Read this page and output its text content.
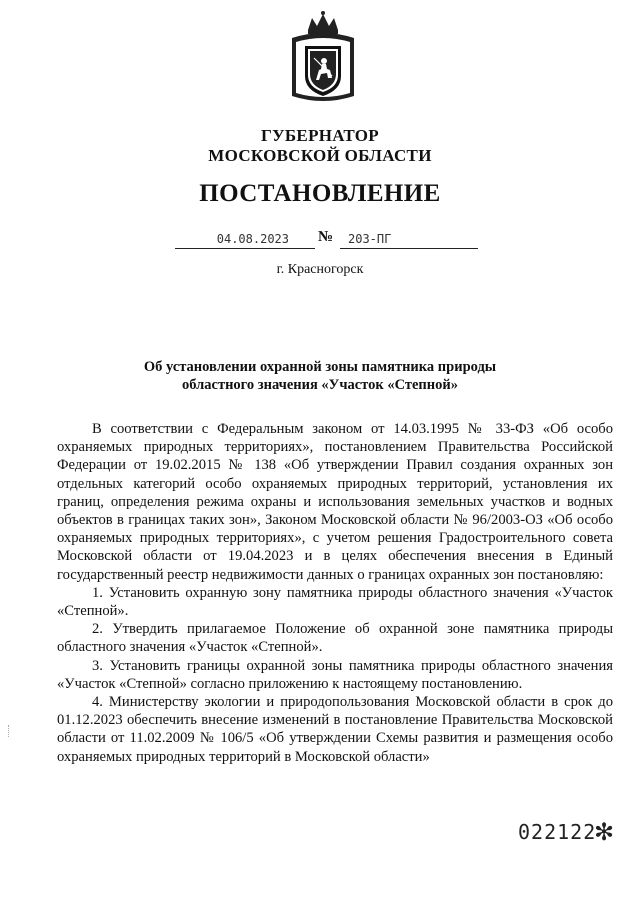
ГУБЕРНАТОР
МОСКОВСКОЙ ОБЛАСТИ
ПОСТАНОВЛЕНИЕ
04.08.2023 № 203-ПГ
г. Красногорск
Об установлении охранной зоны памятника природы
областного значения «Участок «Степной»

В соответствии с Федеральным законом от 14.03.1995 № 33-ФЗ «Об особо охраняемых природных территориях», постановлением Правительства Российской Федерации от 19.02.2015 № 138 «Об утверждении Правил создания охранных зон отдельных категорий особо охраняемых природных территорий, установления их границ, определения режима охраны и использования земельных участков и водных объектов в границах таких зон», Законом Московской области № 96/2003-ОЗ «Об особо охраняемых природных территориях», с учетом решения Градостроительного совета Московской области от 19.04.2023 и в целях обеспечения внесения в Единый государственный реестр недвижимости данных о границах охранных зон постановляю:

1. Установить охранную зону памятника природы областного значения «Участок «Степной».

2. Утвердить прилагаемое Положение об охранной зоне памятника природы областного значения «Участок «Степной».

3. Установить границы охранной зоны памятника природы областного значения «Участок «Степной» согласно приложению к настоящему постановлению.

4. Министерству экологии и природопользования Московской области в срок до 01.12.2023 обеспечить внесение изменений в постановление Правительства Московской области от 11.02.2009 № 106/5 «Об утверждении Схемы развития и размещения особо охраняемых природных территорий в Московской области»

022122
✻
